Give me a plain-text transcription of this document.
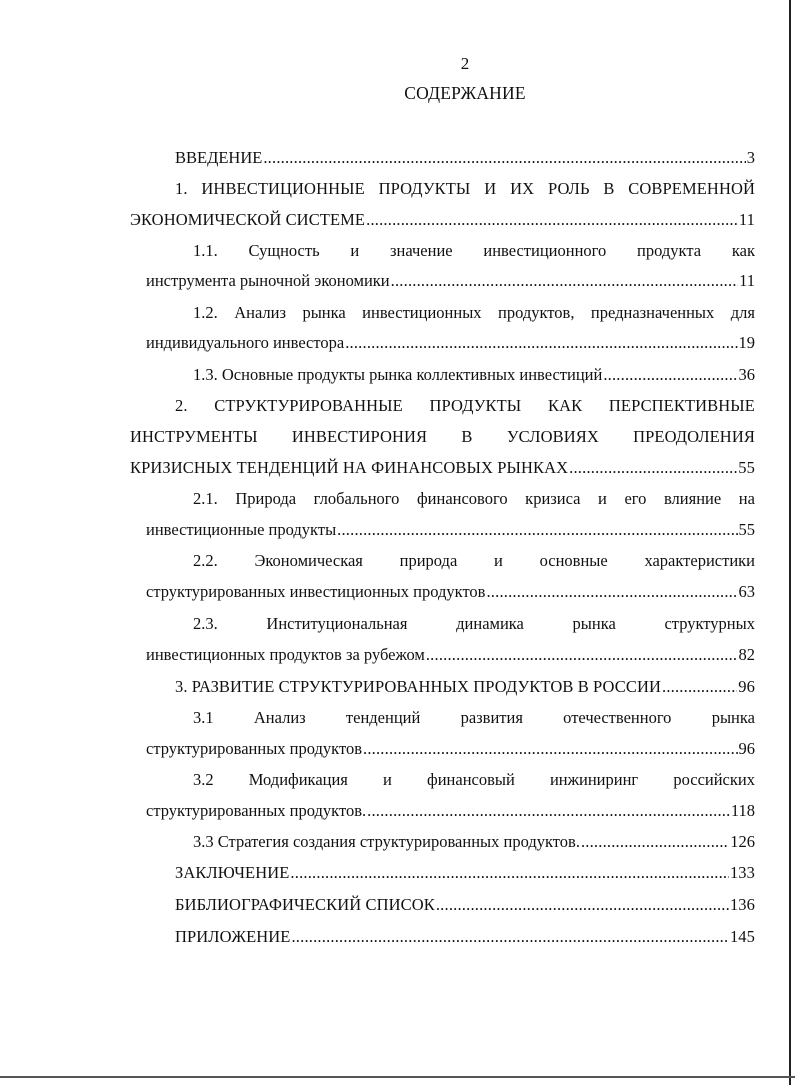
2
СОДЕРЖАНИЕ
ВВЕДЕНИЕ .....	3
1. ИНВЕСТИЦИОННЫЕ ПРОДУКТЫ И ИХ РОЛЬ В СОВРЕМЕННОЙ
ЭКОНОМИЧЕСКОЙ СИСТЕМЕ .....	11
1.1. Сущность и значение инвестиционного продукта как
инструмента рыночной экономики .....	11
1.2. Анализ рынка инвестиционных продуктов, предназначенных для
индивидуального инвестора .....	19
1.3. Основные продукты рынка коллективных инвестиций .....	36
2. СТРУКТУРИРОВАННЫЕ ПРОДУКТЫ КАК ПЕРСПЕКТИВНЫЕ
ИНСТРУМЕНТЫ ИНВЕСТИРОНИЯ В УСЛОВИЯХ ПРЕОДОЛЕНИЯ
КРИЗИСНЫХ ТЕНДЕНЦИЙ НА ФИНАНСОВЫХ РЫНКАХ .....	55
2.1. Природа глобального финансового кризиса и его влияние на
инвестиционные продукты .....	55
2.2. Экономическая природа и основные характеристики
структурированных инвестиционных продуктов .....	63
2.3.	Институциональная	динамика	рынка	структурных
инвестиционных продуктов за рубежом .....	82
3. РАЗВИТИЕ СТРУКТУРИРОВАННЫХ ПРОДУКТОВ В РОССИИ .....	96
3.1 Анализ тенденций развития отечественного рынка
структурированных продуктов .....	96
3.2 Модификация и финансовый инжиниринг российских
структурированных продуктов. .....	118
3.3 Стратегия создания структурированных продуктов. .....	126
ЗАКЛЮЧЕНИЕ .....	133
БИБЛИОГРАФИЧЕСКИЙ СПИСОК .....	136
ПРИЛОЖЕНИЕ .....	145
